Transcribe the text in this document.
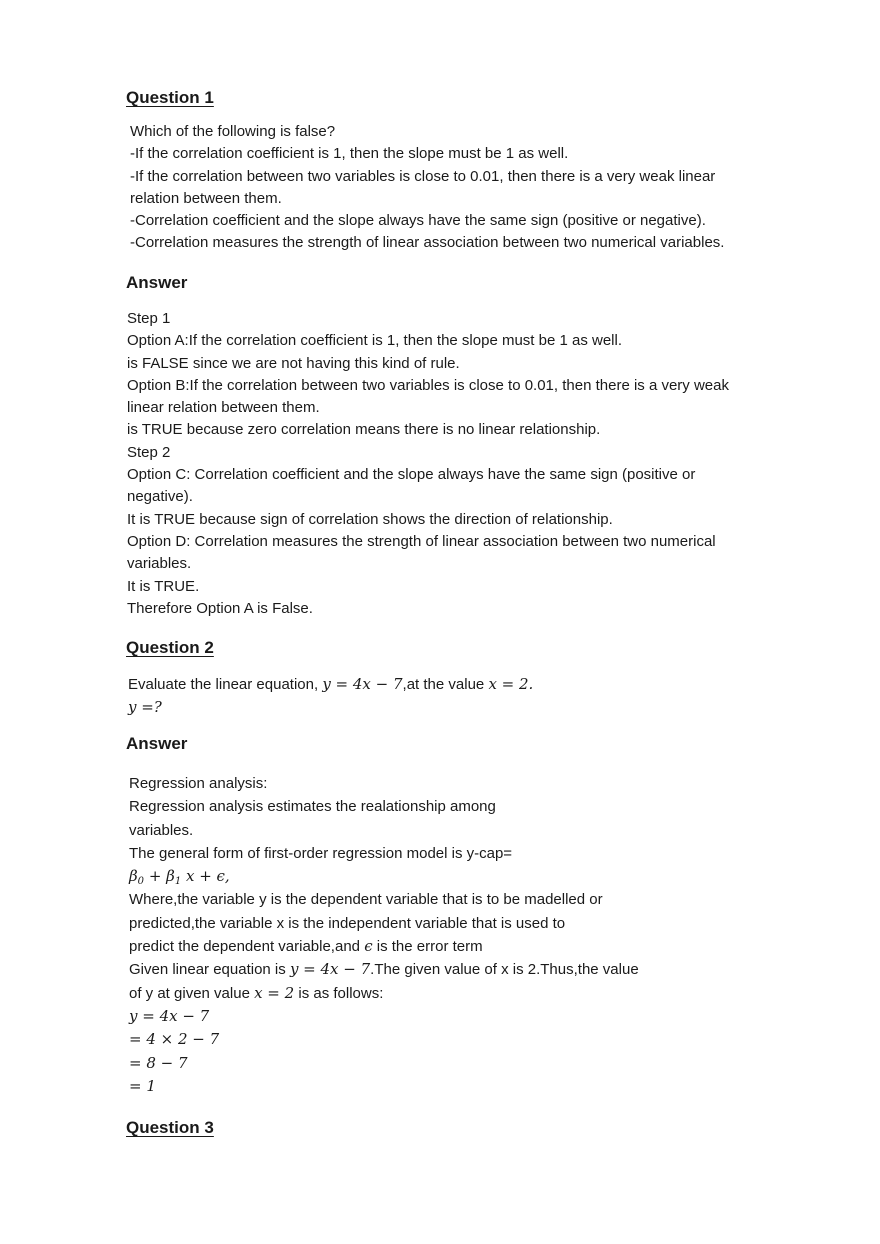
Question 1
Which of the following is false?
-If the correlation coefficient is 1, then the slope must be 1 as well.
-If the correlation between two variables is close to 0.01, then there is a very weak linear
relation between them.
-Correlation coefficient and the slope always have the same sign (positive or negative).
-Correlation measures the strength of linear association between two numerical variables.
Answer
Step 1
Option A:If the correlation coefficient is 1, then the slope must be 1 as well.
is FALSE since we are not having this kind of rule.
Option B:If the correlation between two variables is close to 0.01, then there is a very weak
linear relation between them.
is TRUE because zero correlation means there is no linear relationship.
Step 2
Option C: Correlation coefficient and the slope always have the same sign (positive or
negative).
It is TRUE because sign of correlation shows the direction of relationship.
Option D: Correlation measures the strength of linear association between two numerical
variables.
It is TRUE.
Therefore Option A is False.
Question 2
Evaluate the linear equation, y = 4x − 7,at the value x = 2.
y =?
Answer
Regression analysis:
Regression analysis estimates the realationship among
variables.
The general form of first-order regression model is y-cap=
$\beta_0 + \beta_1$ x + ϵ,
Where,the variable y is the dependent variable that is to be madelled or
predicted,the variable x is the independent variable that is used to
predict the dependent variable,and ϵ is the error term
Given linear equation is y = 4x − 7.The given value of x is 2.Thus,the value
of y at given value x = 2 is as follows:
y = 4x − 7
= 4 × 2 − 7
= 8 − 7
= 1
Question 3
